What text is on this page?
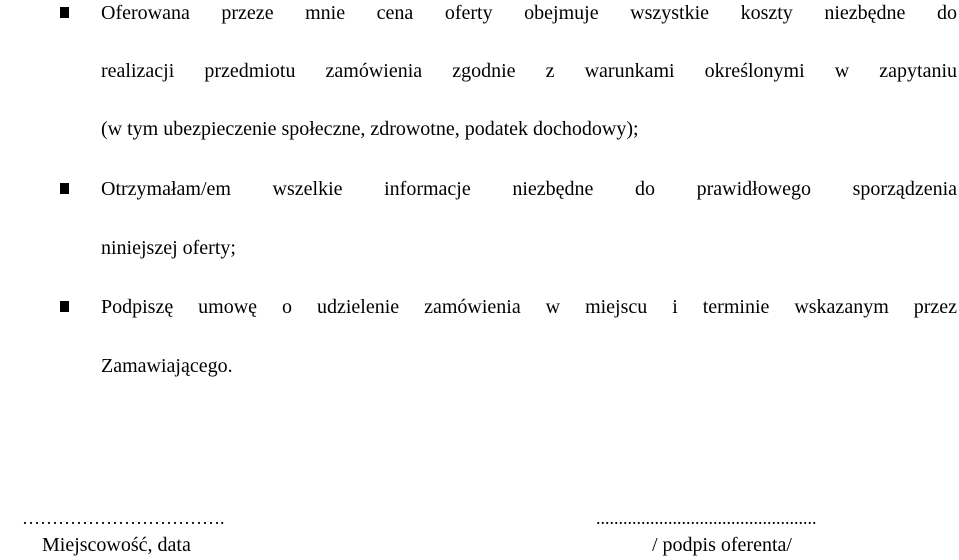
Oferowana przeze mnie cena oferty obejmuje wszystkie koszty niezbędne do
realizacji przedmiotu zamówienia zgodnie z warunkami określonymi w zapytaniu
(w tym ubezpieczenie społeczne, zdrowotne, podatek dochodowy);
Otrzymałam/em wszelkie informacje niezbędne do prawidłowego sporządzenia
niniejszej oferty;
Podpiszę umowę o udzielenie zamówienia w miejscu i terminie wskazanym przez
Zamawiającego.
…………………………….
Miejscowość, data
.................................................
/ podpis oferenta/
